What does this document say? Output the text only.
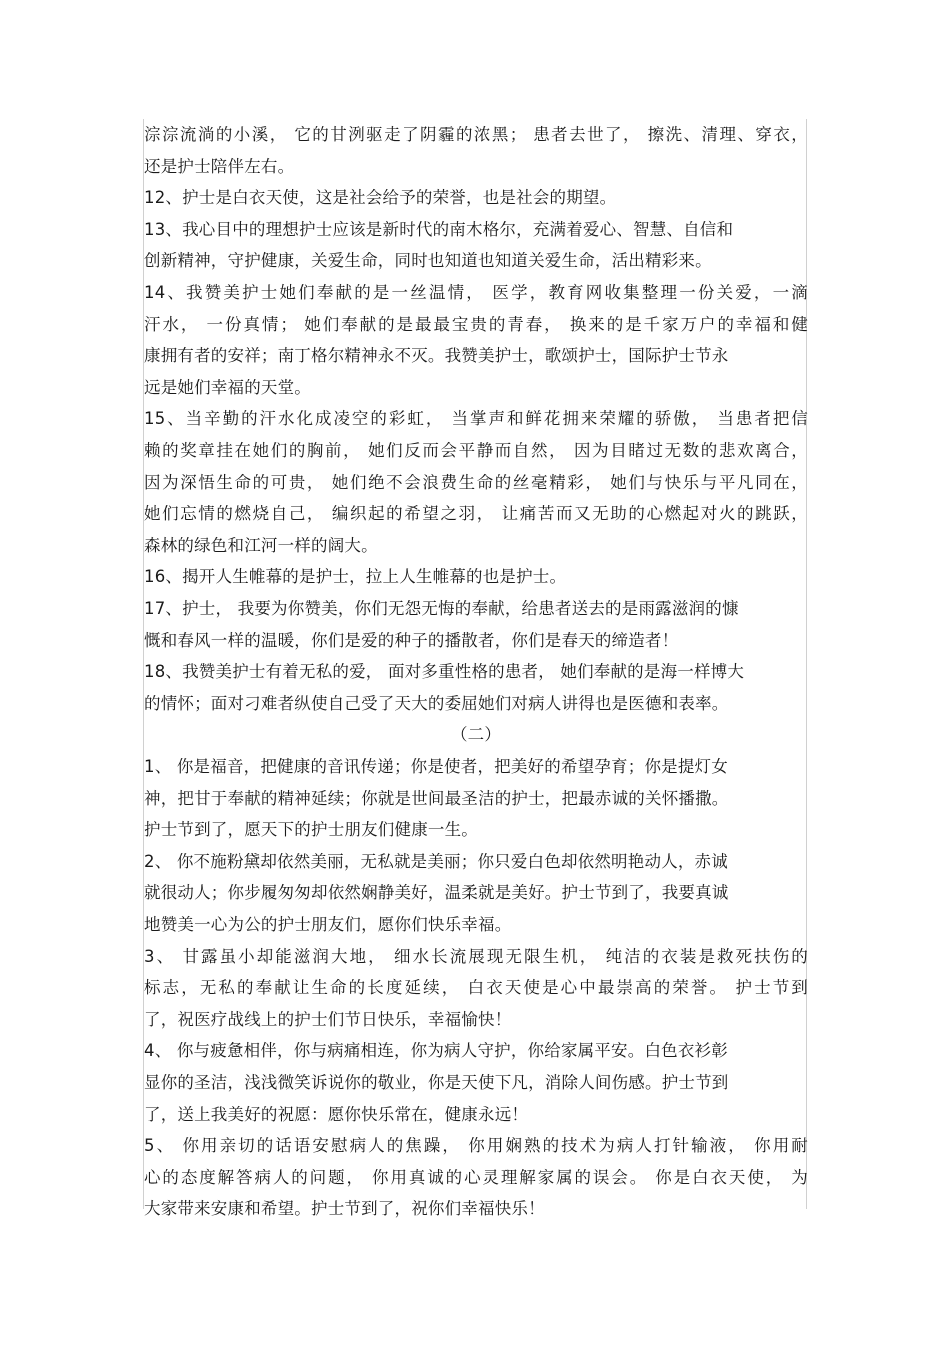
淙淙流淌的小溪， 它的甘洌驱走了阴霾的浓黑； 患者去世了， 擦洗、清理、穿衣，
还是护士陪伴左右。
12、护士是白衣天使，这是社会给予的荣誉，也是社会的期望。
13、我心目中的理想护士应该是新时代的南木格尔，充满着爱心、智慧、自信和
创新精神，守护健康，关爱生命，同时也知道也知道关爱生命，活出精彩来。
14、我赞美护士她们奉献的是一丝温情， 医学，教育网收集整理一份关爱，一滴
汗水， 一份真情； 她们奉献的是最最宝贵的青春， 换来的是千家万户的幸福和健
康拥有者的安祥；南丁格尔精神永不灭。我赞美护士，歌颂护士，国际护士节永
远是她们幸福的天堂。
15、当辛勤的汗水化成凌空的彩虹， 当掌声和鲜花拥来荣耀的骄傲， 当患者把信
赖的奖章挂在她们的胸前， 她们反而会平静而自然， 因为目睹过无数的悲欢离合，
因为深悟生命的可贵， 她们绝不会浪费生命的丝毫精彩， 她们与快乐与平凡同在，
她们忘情的燃烧自己， 编织起的希望之羽， 让痛苦而又无助的心燃起对火的跳跃，
森林的绿色和江河一样的阔大。
16、揭开人生帷幕的是护士，拉上人生帷幕的也是护士。
17、护士， 我要为你赞美，你们无怨无悔的奉献，给患者送去的是雨露滋润的慷
慨和春风一样的温暖，你们是爱的种子的播散者，你们是春天的缔造者！
18、我赞美护士有着无私的爱， 面对多重性格的患者， 她们奉献的是海一样博大
的情怀；面对刁难者纵使自己受了天大的委屈她们对病人讲得也是医德和表率。
（二）
1、 你是福音，把健康的音讯传递；你是使者，把美好的希望孕育；你是提灯女
神，把甘于奉献的精神延续；你就是世间最圣洁的护士，把最赤诚的关怀播撒。
护士节到了，愿天下的护士朋友们健康一生。
2、 你不施粉黛却依然美丽，无私就是美丽；你只爱白色却依然明艳动人，赤诚
就很动人；你步履匆匆却依然娴静美好，温柔就是美好。护士节到了，我要真诚
地赞美一心为公的护士朋友们，愿你们快乐幸福。
3、 甘露虽小却能滋润大地， 细水长流展现无限生机， 纯洁的衣装是救死扶伤的
标志，无私的奉献让生命的长度延续， 白衣天使是心中最崇高的荣誉。 护士节到
了，祝医疗战线上的护士们节日快乐，幸福愉快！
4、 你与疲惫相伴，你与病痛相连，你为病人守护，你给家属平安。白色衣衫彰
显你的圣洁，浅浅微笑诉说你的敬业，你是天使下凡，消除人间伤感。护士节到
了，送上我美好的祝愿：愿你快乐常在，健康永远！
5、 你用亲切的话语安慰病人的焦躁， 你用娴熟的技术为病人打针输液， 你用耐
心的态度解答病人的问题， 你用真诚的心灵理解家属的误会。 你是白衣天使， 为
大家带来安康和希望。护士节到了，祝你们幸福快乐！
